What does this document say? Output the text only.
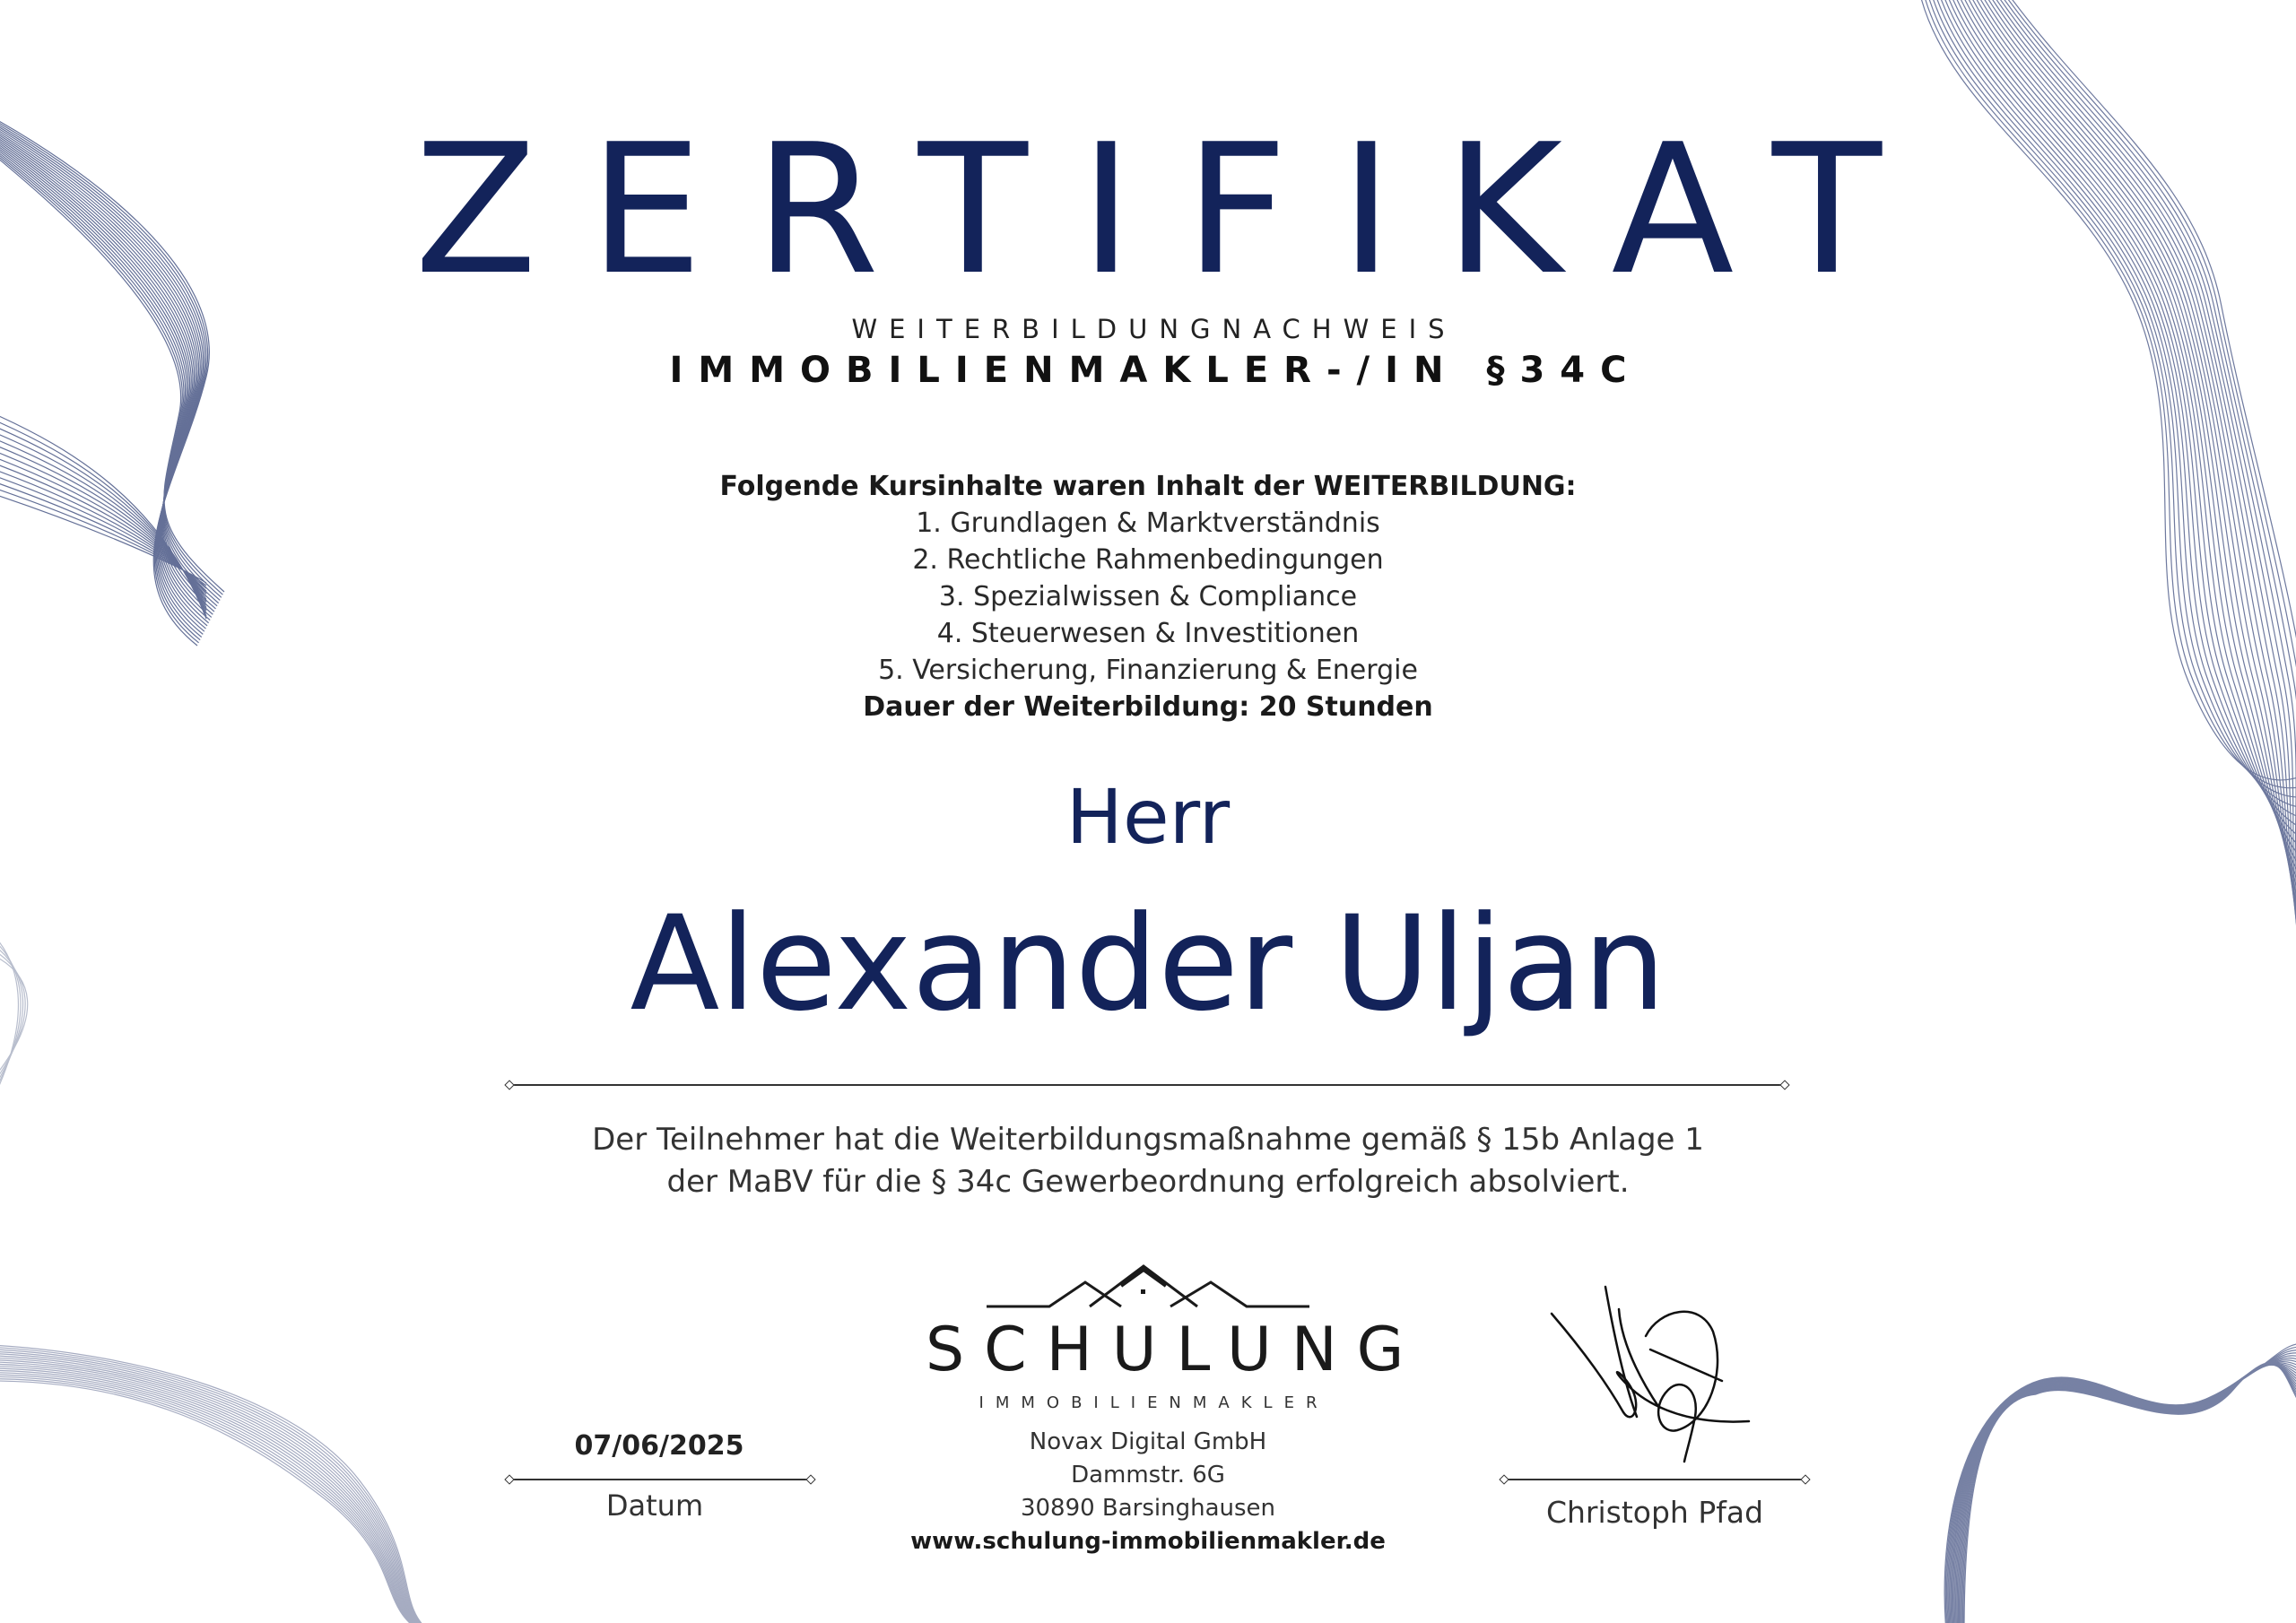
ZERTIFIKAT
WEITERBILDUNGNACHWEIS
IMMOBILIENMAKLER-/IN §34C
Folgende Kursinhalte waren Inhalt der WEITERBILDUNG:
1. Grundlagen & Marktverständnis
2. Rechtliche Rahmenbedingungen
3. Spezialwissen & Compliance
4. Steuerwesen & Investitionen
5. Versicherung, Finanzierung & Energie
Dauer der Weiterbildung: 20 Stunden
Herr
Alexander Uljan
Der Teilnehmer hat die Weiterbildungsmaßnahme gemäß § 15b Anlage 1
der MaBV für die § 34c Gewerbeordnung erfolgreich absolviert.
SCHULUNG
IMMOBILIENMAKLER
Novax Digital GmbH
Dammstr. 6G
30890 Barsinghausen
www.schulung-immobilienmakler.de
07/06/2025
Datum	Christoph Pfad
